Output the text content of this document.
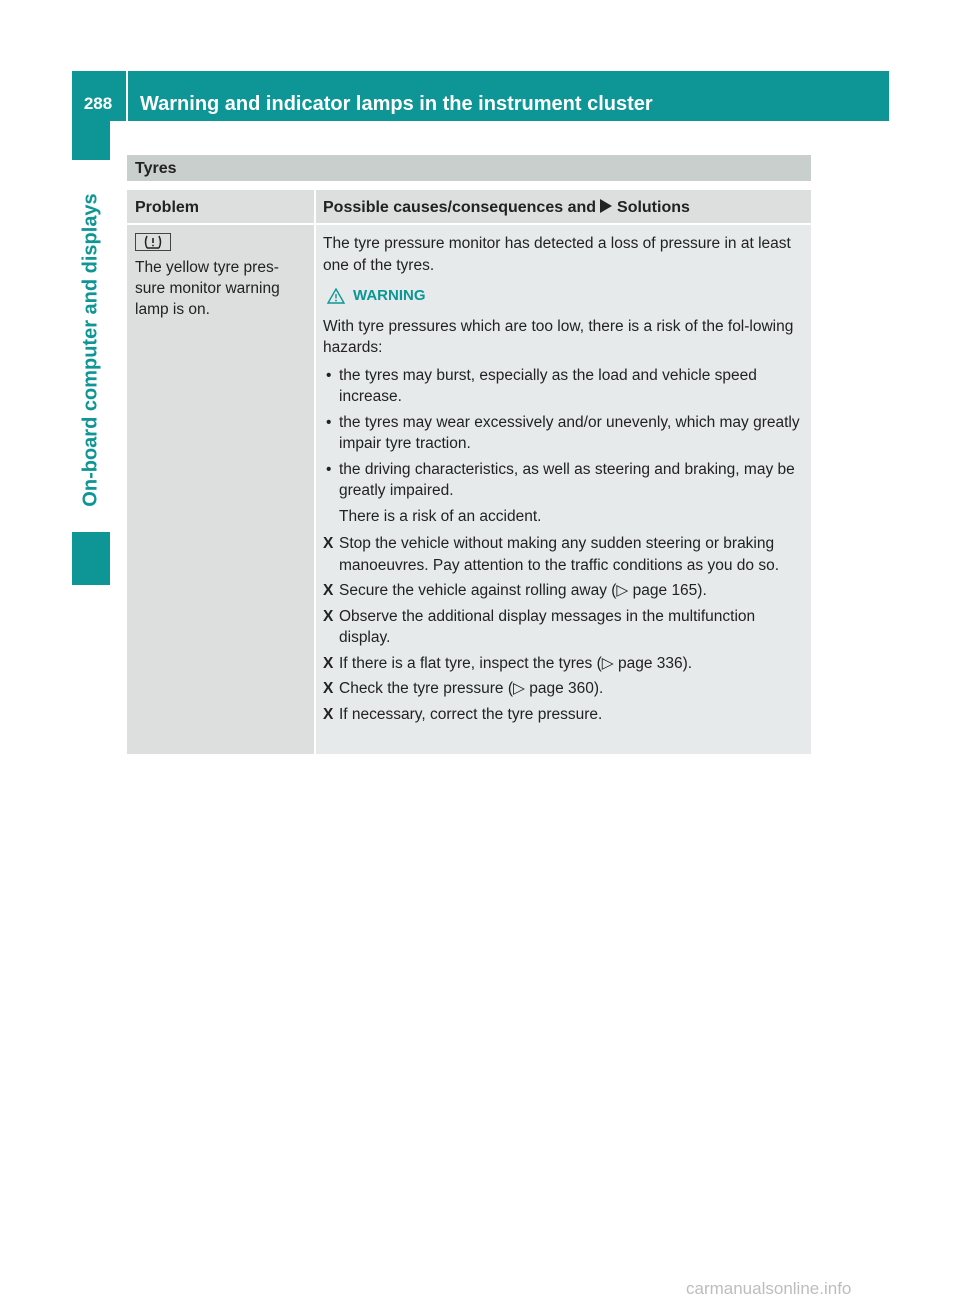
288	Warning and indicator lamps in the instrument cluster
On-board computer and displays
Tyres
Problem	Possible causes/consequences and Solutions

The yellow tyre pres-sure monitor warning lamp is on.

The tyre pressure monitor has detected a loss of pressure in at least one of the tyres.

WARNING

With tyre pressures which are too low, there is a risk of the fol-lowing hazards:

• the tyres may burst, especially as the load and vehicle speed increase.
• the tyres may wear excessively and/or unevenly, which may greatly impair tyre traction.
• the driving characteristics, as well as steering and braking, may be greatly impaired.

There is a risk of an accident.

X Stop the vehicle without making any sudden steering or braking manoeuvres. Pay attention to the traffic conditions as you do so.
X Secure the vehicle against rolling away (▷ page 165).
X Observe the additional display messages in the multifunction display.
X If there is a flat tyre, inspect the tyres (▷ page 336).
X Check the tyre pressure (▷ page 360).
X If necessary, correct the tyre pressure.
carmanualsonline.info
